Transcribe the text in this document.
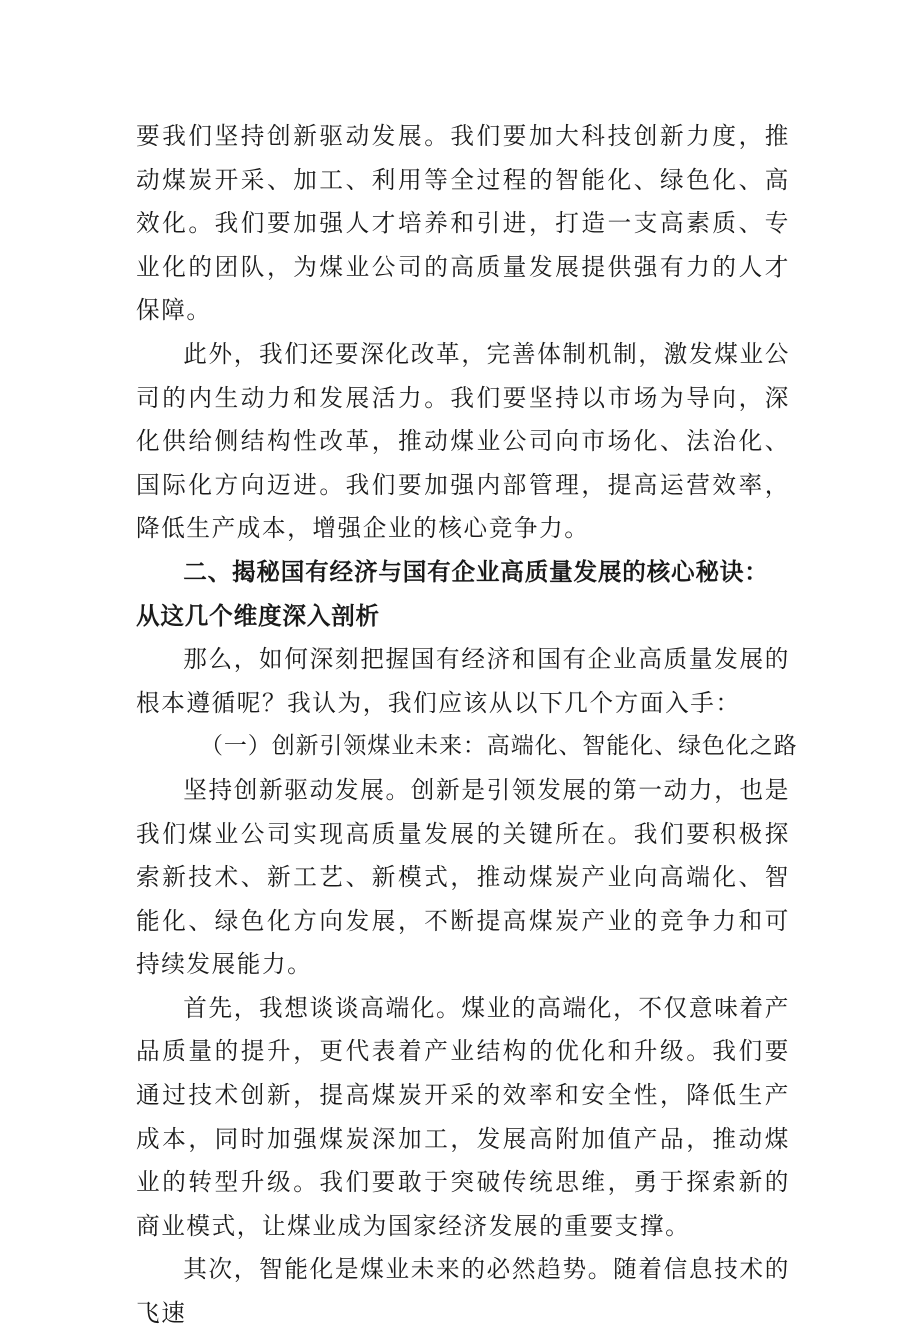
要我们坚持创新驱动发展。我们要加大科技创新力度，推动煤炭开采、加工、利用等全过程的智能化、绿色化、高效化。我们要加强人才培养和引进，打造一支高素质、专业化的团队，为煤业公司的高质量发展提供强有力的人才保障。

此外，我们还要深化改革，完善体制机制，激发煤业公司的内生动力和发展活力。我们要坚持以市场为导向，深化供给侧结构性改革，推动煤业公司向市场化、法治化、国际化方向迈进。我们要加强内部管理，提高运营效率，降低生产成本，增强企业的核心竞争力。

二、揭秘国有经济与国有企业高质量发展的核心秘诀：从这几个维度深入剖析

那么，如何深刻把握国有经济和国有企业高质量发展的根本遵循呢？我认为，我们应该从以下几个方面入手：

（一）创新引领煤业未来：高端化、智能化、绿色化之路

坚持创新驱动发展。创新是引领发展的第一动力，也是我们煤业公司实现高质量发展的关键所在。我们要积极探索新技术、新工艺、新模式，推动煤炭产业向高端化、智能化、绿色化方向发展，不断提高煤炭产业的竞争力和可持续发展能力。

首先，我想谈谈高端化。煤业的高端化，不仅意味着产品质量的提升，更代表着产业结构的优化和升级。我们要通过技术创新，提高煤炭开采的效率和安全性，降低生产成本，同时加强煤炭深加工，发展高附加值产品，推动煤业的转型升级。我们要敢于突破传统思维，勇于探索新的商业模式，让煤业成为国家经济发展的重要支撑。

其次，智能化是煤业未来的必然趋势。随着信息技术的飞速
